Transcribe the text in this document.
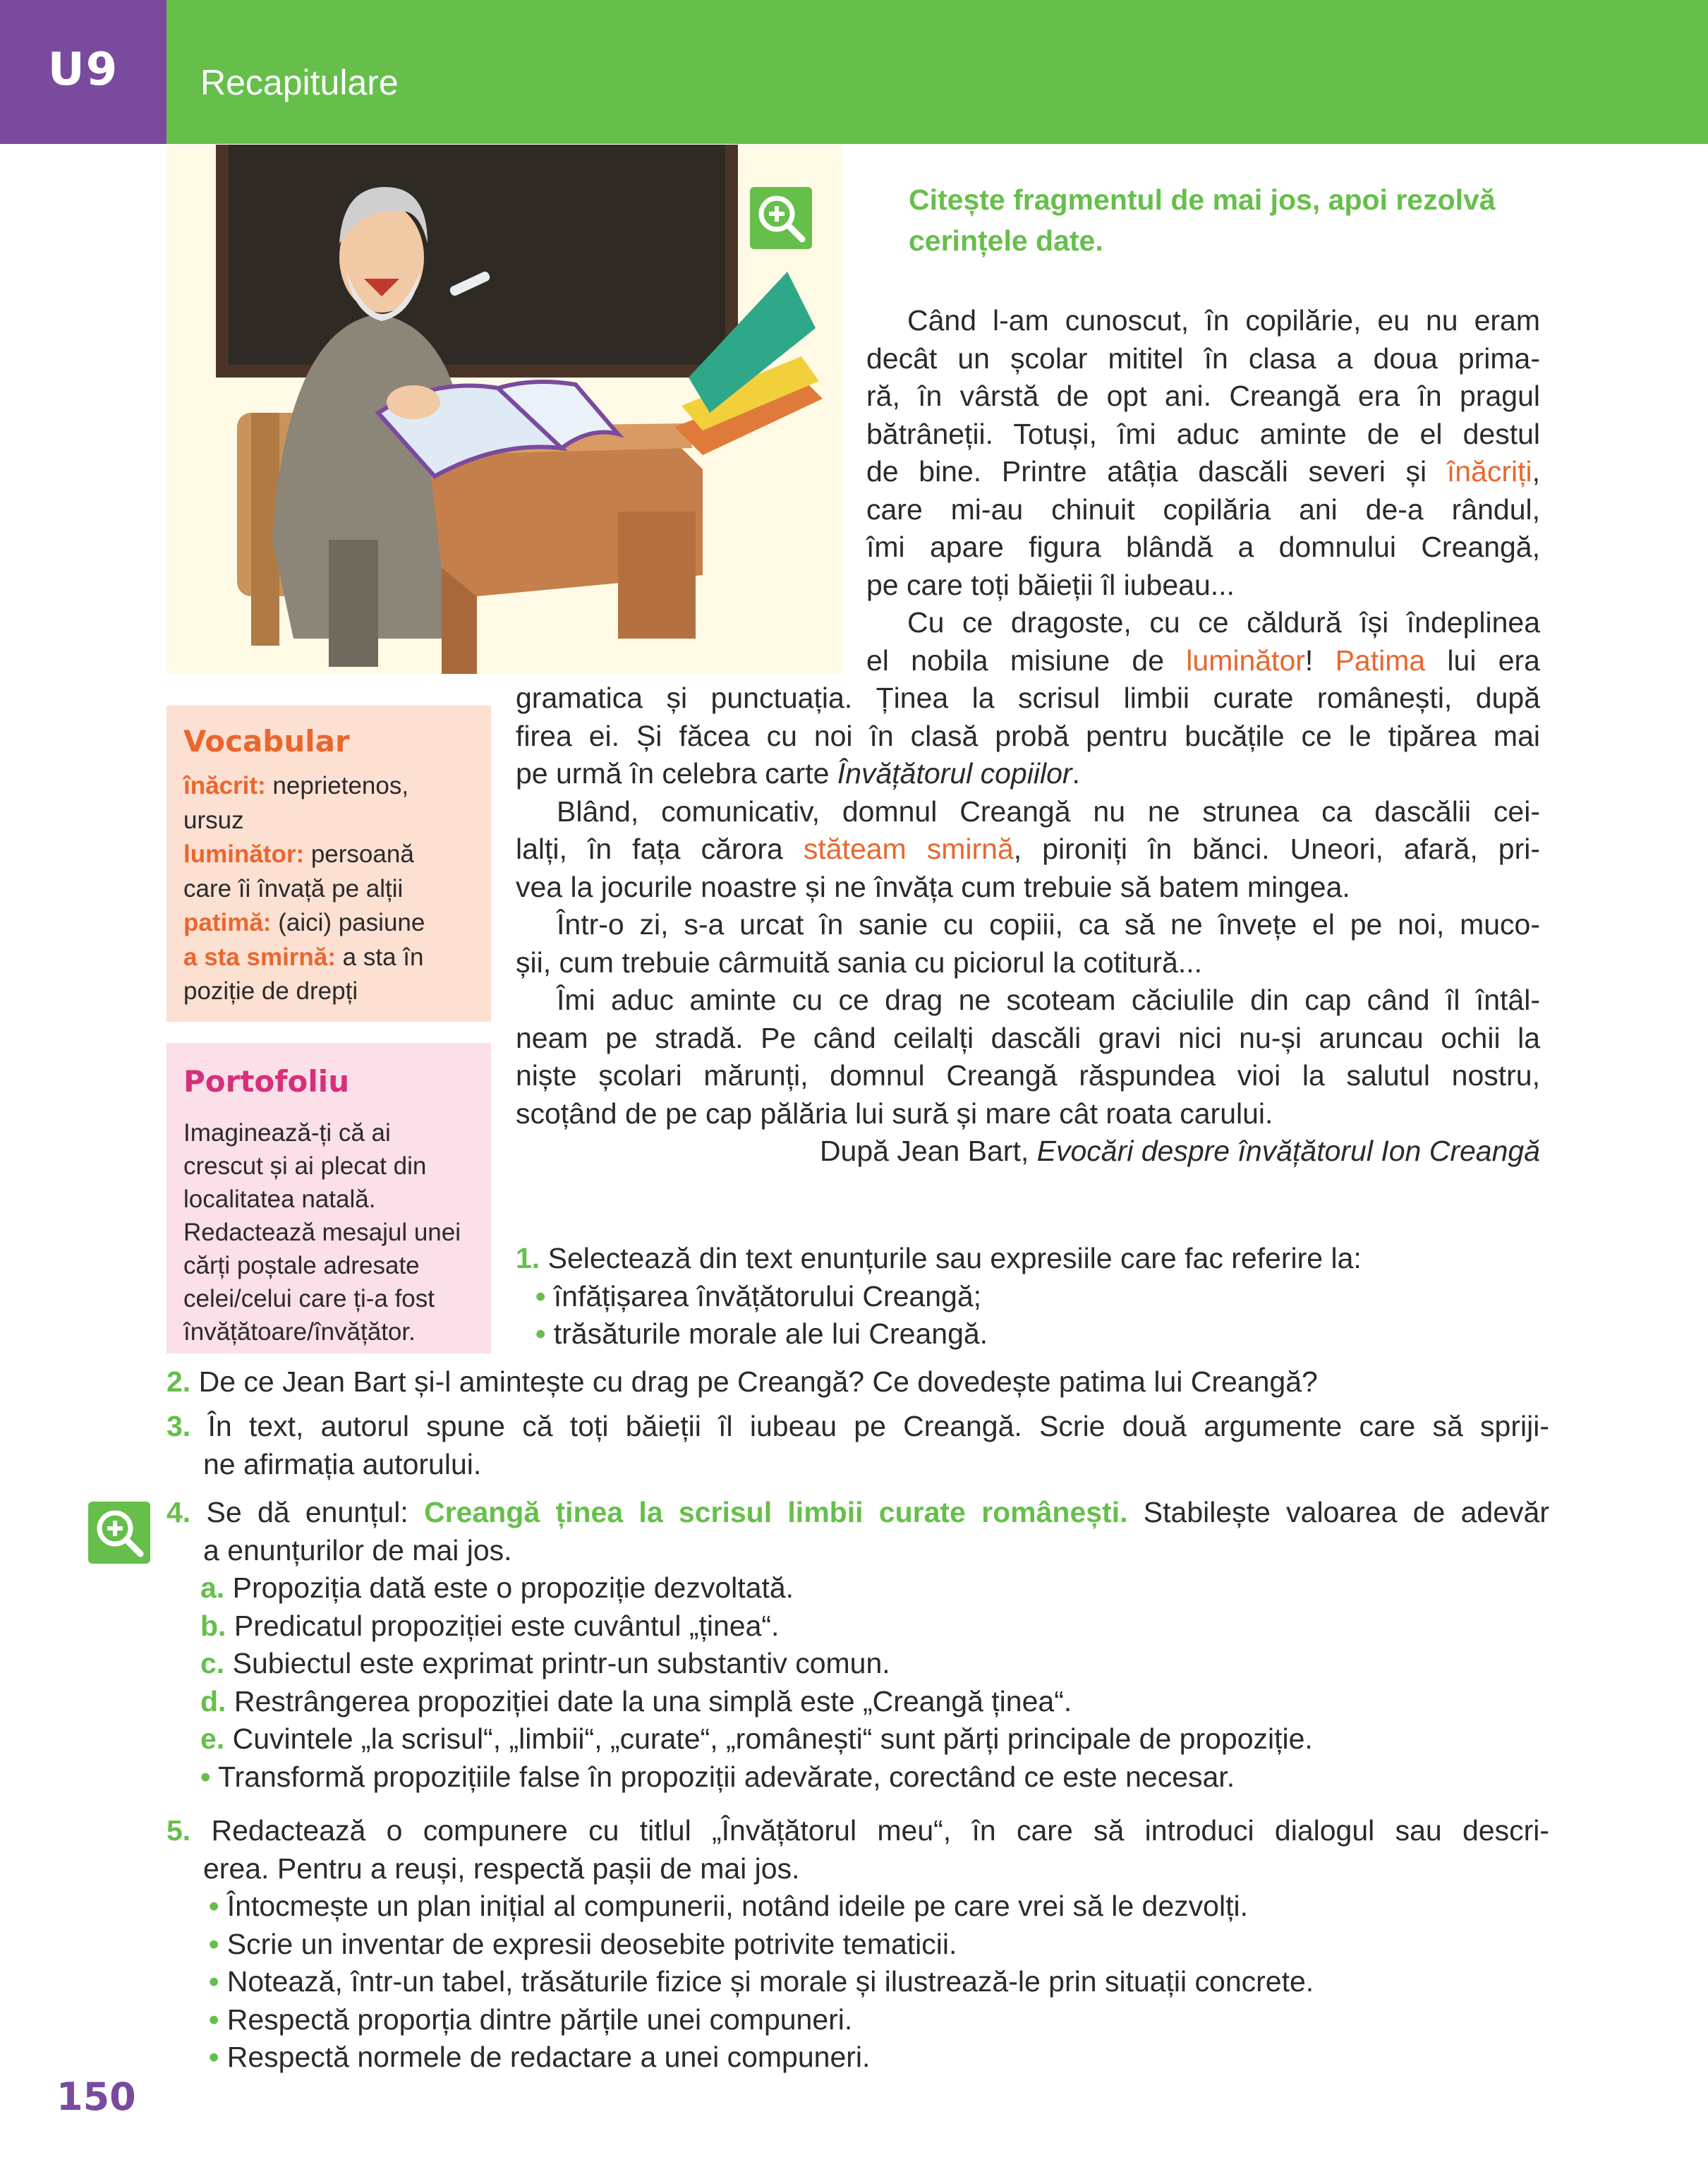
U9	Recapitulare
Citește fragmentul de mai jos, apoi rezolvă
cerințele date.
Când l-am cunoscut, în copilărie, eu nu eram
decât un școlar mititel în clasa a doua prima-
ră, în vârstă de opt ani. Creangă era în pragul
bătrâneții. Totuși, îmi aduc aminte de el destul
de bine. Printre atâția dascăli severi și înăcriți,
care mi-au chinuit copilăria ani de-a rândul,
îmi apare figura blândă a domnului Creangă,
pe care toți băieții îl iubeau...
Cu ce dragoste, cu ce căldură își îndeplinea
el nobila misiune de luminător! Patima lui era
gramatica și punctuația. Ținea la scrisul limbii curate românești, după
firea ei. Și făcea cu noi în clasă probă pentru bucățile ce le tipărea mai
pe urmă în celebra carte Învățătorul copiilor.
Blând, comunicativ, domnul Creangă nu ne strunea ca dascălii cei-
lalți, în fața cărora stăteam smirnă, pironiți în bănci. Uneori, afară, pri-
vea la jocurile noastre și ne învăța cum trebuie să batem mingea.
Într-o zi, s-a urcat în sanie cu copiii, ca să ne învețe el pe noi, muco-
șii, cum trebuie cârmuită sania cu piciorul la cotitură...
Îmi aduc aminte cu ce drag ne scoteam căciulile din cap când îl întâl-
neam pe stradă. Pe când ceilalți dascăli gravi nici nu-și aruncau ochii la
niște școlari mărunți, domnul Creangă răspundea vioi la salutul nostru,
scoțând de pe cap pălăria lui sură și mare cât roata carului.
După Jean Bart, Evocări despre învățătorul Ion Creangă
Vocabular
înăcrit: neprietenos,
ursuz
luminător: persoană
care îi învață pe alții
patimă: (aici) pasiune
a sta smirnă: a sta în
poziție de drepți
Portofoliu
Imaginează-ți că ai
crescut și ai plecat din
localitatea natală.
Redactează mesajul unei
cărți poștale adresate
celei/celui care ți-a fost
învățătoare/învățător.
1. Selectează din text enunțurile sau expresiile care fac referire la:
• înfățișarea învățătorului Creangă;
• trăsăturile morale ale lui Creangă.
2. De ce Jean Bart și-l amintește cu drag pe Creangă? Ce dovedește patima lui Creangă?
3. În text, autorul spune că toți băieții îl iubeau pe Creangă. Scrie două argumente care să spriji-
ne afirmația autorului.
4. Se dă enunțul: Creangă ținea la scrisul limbii curate românești. Stabilește valoarea de adevăr
a enunțurilor de mai jos.
a. Propoziția dată este o propoziție dezvoltată.
b. Predicatul propoziției este cuvântul „ținea“.
c. Subiectul este exprimat printr-un substantiv comun.
d. Restrângerea propoziției date la una simplă este „Creangă ținea“.
e. Cuvintele „la scrisul“, „limbii“, „curate“, „românești“ sunt părți principale de propoziție.
• Transformă propozițiile false în propoziții adevărate, corectând ce este necesar.
5. Redactează o compunere cu titlul „Învățătorul meu“, în care să introduci dialogul sau descri-
erea. Pentru a reuși, respectă pașii de mai jos.
• Întocmește un plan inițial al compunerii, notând ideile pe care vrei să le dezvolți.
• Scrie un inventar de expresii deosebite potrivite tematicii.
• Notează, într-un tabel, trăsăturile fizice și morale și ilustrează-le prin situații concrete.
• Respectă proporția dintre părțile unei compuneri.
• Respectă normele de redactare a unei compuneri.
150
